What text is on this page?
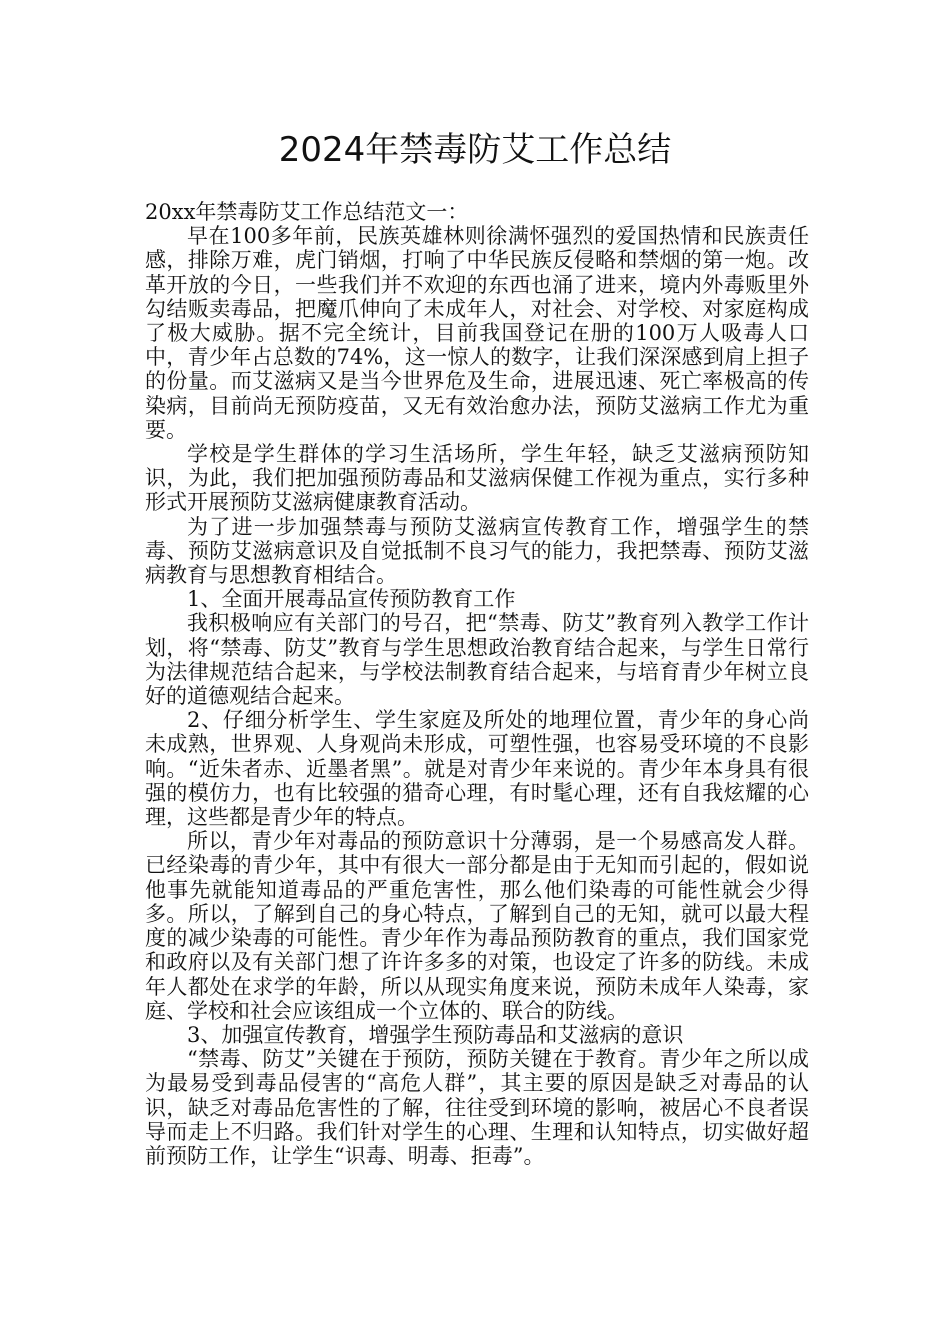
2024年禁毒防艾工作总结

20xx年禁毒防艾工作总结范文一：

早在100多年前，民族英雄林则徐满怀强烈的爱国热情和民族责任感，排除万难，虎门销烟，打响了中华民族反侵略和禁烟的第一炮。改革开放的今日，一些我们并不欢迎的东西也涌了进来，境内外毒贩里外勾结贩卖毒品，把魔爪伸向了未成年人，对社会、对学校、对家庭构成了极大威胁。据不完全统计，目前我国登记在册的100万人吸毒人口中，青少年占总数的74%，这一惊人的数字，让我们深深感到肩上担子的份量。而艾滋病又是当今世界危及生命，进展迅速、死亡率极高的传染病，目前尚无预防疫苗，又无有效治愈办法，预防艾滋病工作尤为重要。

学校是学生群体的学习生活场所，学生年轻，缺乏艾滋病预防知识，为此，我们把加强预防毒品和艾滋病保健工作视为重点，实行多种形式开展预防艾滋病健康教育活动。

为了进一步加强禁毒与预防艾滋病宣传教育工作，增强学生的禁毒、预防艾滋病意识及自觉抵制不良习气的能力，我把禁毒、预防艾滋病教育与思想教育相结合。

1、全面开展毒品宣传预防教育工作

我积极响应有关部门的号召，把“禁毒、防艾”教育列入教学工作计划，将“禁毒、防艾”教育与学生思想政治教育结合起来，与学生日常行为法律规范结合起来，与学校法制教育结合起来，与培育青少年树立良好的道德观结合起来。

2、仔细分析学生、学生家庭及所处的地理位置，青少年的身心尚未成熟，世界观、人身观尚未形成，可塑性强，也容易受环境的不良影响。“近朱者赤、近墨者黑”。就是对青少年来说的。青少年本身具有很强的模仿力，也有比较强的猎奇心理，有时髦心理，还有自我炫耀的心理，这些都是青少年的特点。

所以，青少年对毒品的预防意识十分薄弱，是一个易感高发人群。已经染毒的青少年，其中有很大一部分都是由于无知而引起的，假如说他事先就能知道毒品的严重危害性，那么他们染毒的可能性就会少得多。所以，了解到自己的身心特点，了解到自己的无知，就可以最大程度的减少染毒的可能性。青少年作为毒品预防教育的重点，我们国家党和政府以及有关部门想了许许多多的对策，也设定了许多的防线。未成年人都处在求学的年龄，所以从现实角度来说，预防未成年人染毒，家庭、学校和社会应该组成一个立体的、联合的防线。

3、加强宣传教育，增强学生预防毒品和艾滋病的意识

“禁毒、防艾”关键在于预防，预防关键在于教育。青少年之所以成为最易受到毒品侵害的“高危人群”，其主要的原因是缺乏对毒品的认识，缺乏对毒品危害性的了解，往往受到环境的影响，被居心不良者误导而走上不归路。我们针对学生的心理、生理和认知特点，切实做好超前预防工作，让学生“识毒、明毒、拒毒”。
